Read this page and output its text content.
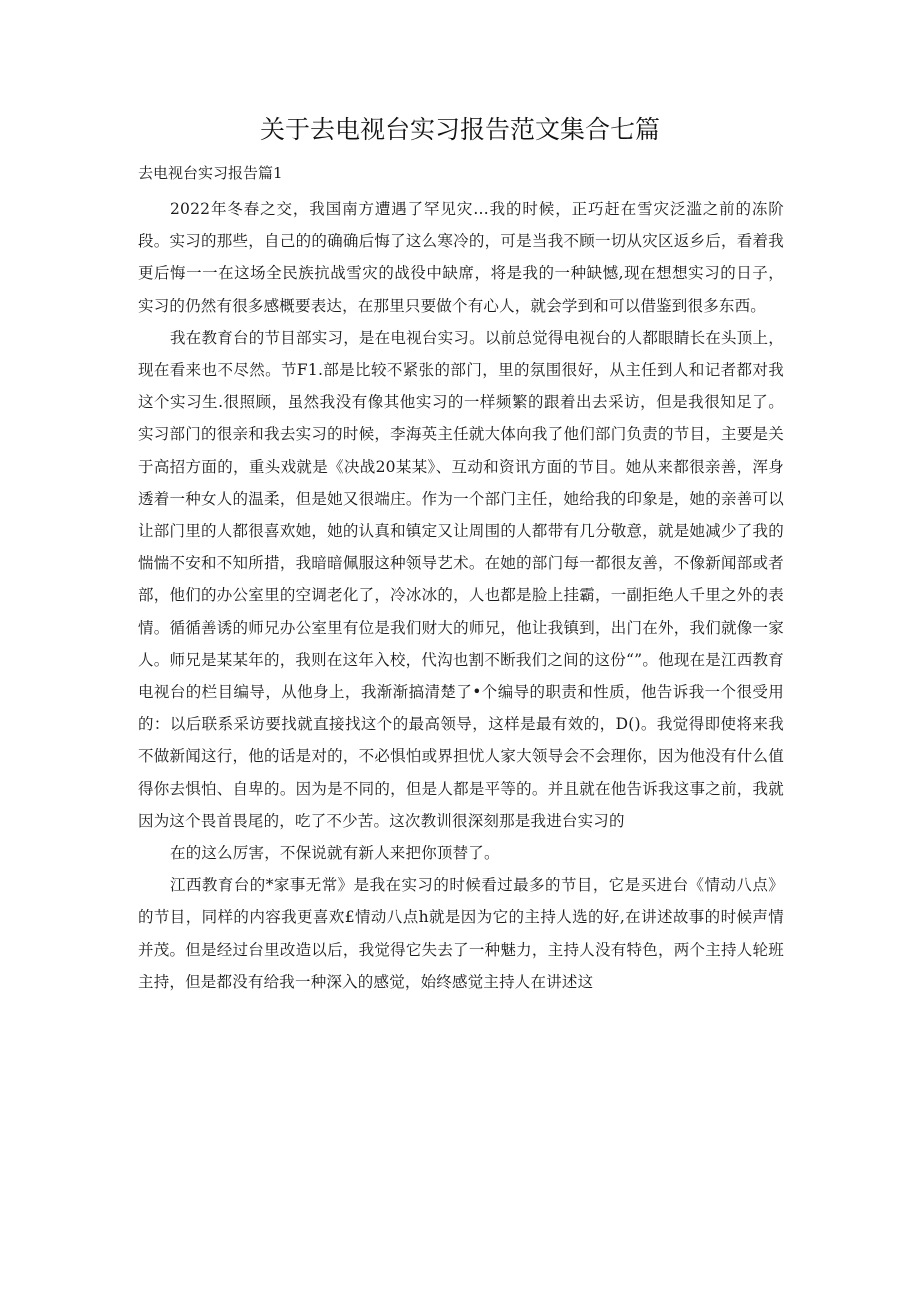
关于去电视台实习报告范文集合七篇
去电视台实习报告篇1

2022年冬春之交，我国南方遭遇了罕见灾…我的时候，正巧赶在雪灾泛滥之前的冻阶段。实习的那些，自己的的确确后悔了这么寒冷的，可是当我不顾一切从灾区返乡后，看着我更后悔一一在这场全民族抗战雪灾的战役中缺席，将是我的一种缺憾,现在想想实习的日子，实习的仍然有很多感概要表达，在那里只要做个有心人，就会学到和可以借鉴到很多东西。

我在教育台的节目部实习，是在电视台实习。以前总觉得电视台的人都眼睛长在头顶上，现在看来也不尽然。节F1.部是比较不紧张的部门，里的氛围很好，从主任到人和记者都对我这个实习生.很照顾，虽然我没有像其他实习的一样频繁的跟着出去采访，但是我很知足了。实习部门的很亲和我去实习的时候，李海英主任就大体向我了他们部门负责的节目，主要是关于高招方面的，重头戏就是《决战20某某》、互动和资讯方面的节目。她从来都很亲善，浑身透着一种女人的温柔，但是她又很端庄。作为一个部门主任，她给我的印象是，她的亲善可以让部门里的人都很喜欢她，她的认真和镇定又让周围的人都带有几分敬意，就是她减少了我的惴惴不安和不知所措，我暗暗佩服这种领导艺术。在她的部门每一都很友善，不像新闻部或者部，他们的办公室里的空调老化了，冷冰冰的，人也都是脸上挂霸，一副拒绝人千里之外的表情。循循善诱的师兄办公室里有位是我们财大的师兄，他让我镇到，出门在外，我们就像一家人。师兄是某某年的，我则在这年入校，代沟也割不断我们之间的这份“”。他现在是江西教育电视台的栏目编导，从他身上，我渐渐搞清楚了•个编导的职责和性质，他告诉我一个很受用的：以后联系采访要找就直接找这个的最高领导，这样是最有效的，D()。我觉得即使将来我不做新闻这行，他的话是对的，不必惧怕或界担忧人家大领导会不会理你，因为他没有什么值得你去惧怕、自卑的。因为是不同的，但是人都是平等的。并且就在他告诉我这事之前，我就因为这个畏首畏尾的，吃了不少苦。这次教训很深刻那是我进台实习的

在的这么厉害，不保说就有新人来把你顶替了。

江西教育台的*家事无常》是我在实习的时候看过最多的节目，它是买进台《情动八点》的节目，同样的内容我更喜欢£情动八点h就是因为它的主持人选的好,在讲述故事的时候声情并茂。但是经过台里改造以后，我觉得它失去了一种魅力，主持人没有特色，两个主持人轮班主持，但是都没有给我一种深入的感觉，始终感觉主持人在讲述这
